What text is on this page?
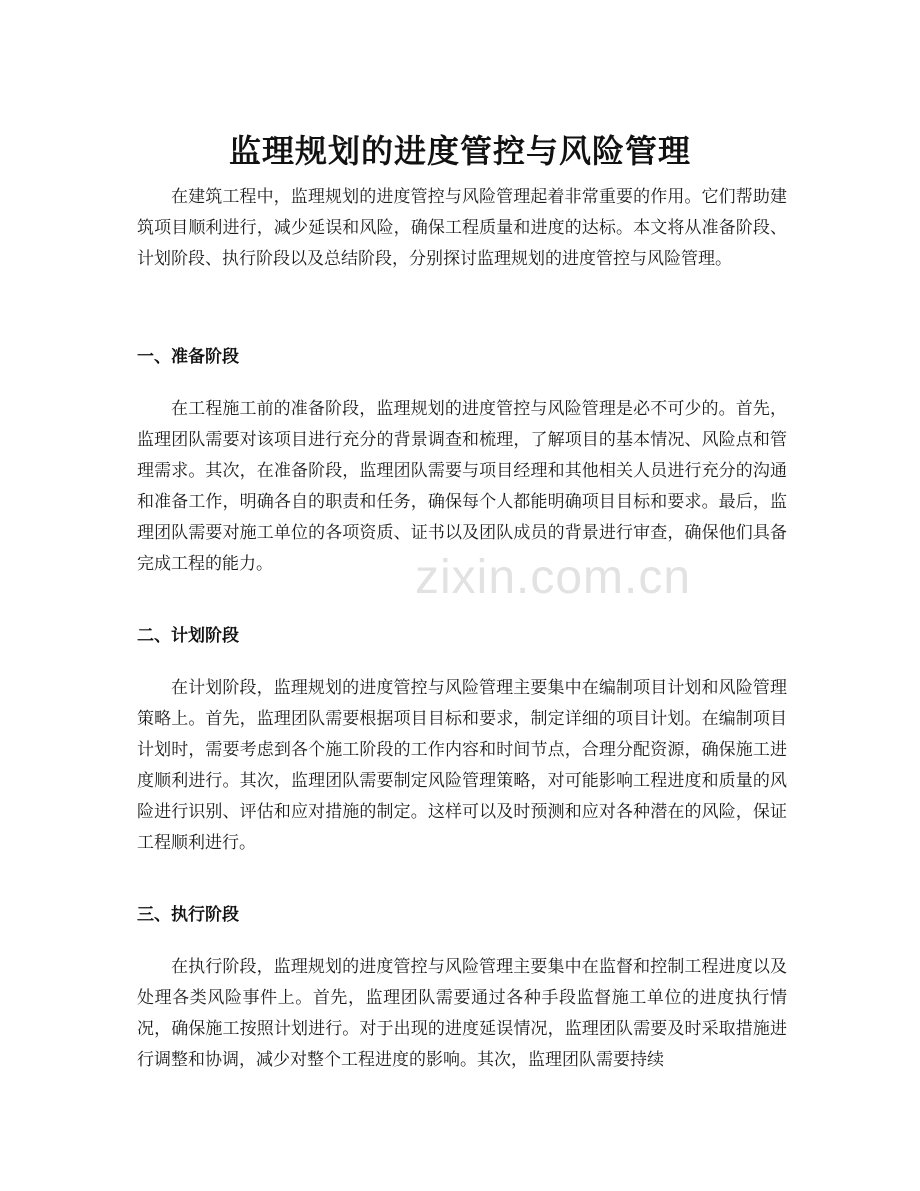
监理规划的进度管控与风险管理

在建筑工程中，监理规划的进度管控与风险管理起着非常重要的作用。它们帮助建筑项目顺利进行，减少延误和风险，确保工程质量和进度的达标。本文将从准备阶段、计划阶段、执行阶段以及总结阶段，分别探讨监理规划的进度管控与风险管理。

一、准备阶段

在工程施工前的准备阶段，监理规划的进度管控与风险管理是必不可少的。首先，监理团队需要对该项目进行充分的背景调查和梳理，了解项目的基本情况、风险点和管理需求。其次，在准备阶段，监理团队需要与项目经理和其他相关人员进行充分的沟通和准备工作，明确各自的职责和任务，确保每个人都能明确项目目标和要求。最后，监理团队需要对施工单位的各项资质、证书以及团队成员的背景进行审查，确保他们具备完成工程的能力。

二、计划阶段

在计划阶段，监理规划的进度管控与风险管理主要集中在编制项目计划和风险管理策略上。首先，监理团队需要根据项目目标和要求，制定详细的项目计划。在编制项目计划时，需要考虑到各个施工阶段的工作内容和时间节点，合理分配资源，确保施工进度顺利进行。其次，监理团队需要制定风险管理策略，对可能影响工程进度和质量的风险进行识别、评估和应对措施的制定。这样可以及时预测和应对各种潜在的风险，保证工程顺利进行。

三、执行阶段

在执行阶段，监理规划的进度管控与风险管理主要集中在监督和控制工程进度以及处理各类风险事件上。首先，监理团队需要通过各种手段监督施工单位的进度执行情况，确保施工按照计划进行。对于出现的进度延误情况，监理团队需要及时采取措施进行调整和协调，减少对整个工程进度的影响。其次，监理团队需要持续

zixin.com.cn
